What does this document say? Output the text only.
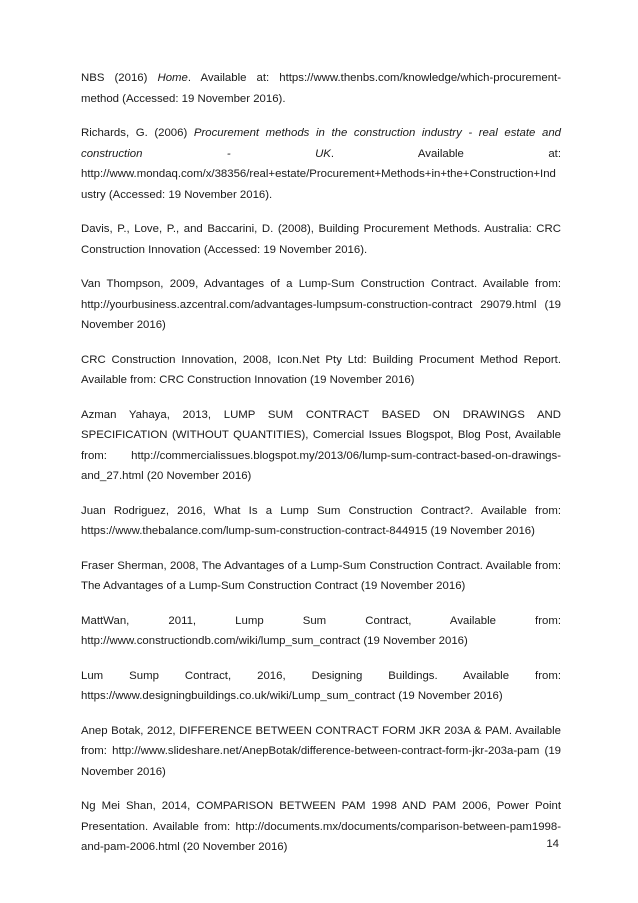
NBS (2016) Home. Available at: https://www.thenbs.com/knowledge/which-procurement-method (Accessed: 19 November 2016).

Richards, G. (2006) Procurement methods in the construction industry - real estate and construction - UK. Available at: http://www.mondaq.com/x/38356/real+estate/Procurement+Methods+in+the+Construction+Industry (Accessed: 19 November 2016).

Davis, P., Love, P., and Baccarini, D. (2008), Building Procurement Methods. Australia: CRC Construction Innovation (Accessed: 19 November 2016).

Van Thompson, 2009, Advantages of a Lump-Sum Construction Contract. Available from: http://yourbusiness.azcentral.com/advantages-lumpsum-construction-contract 29079.html (19 November 2016)

CRC Construction Innovation, 2008, Icon.Net Pty Ltd: Building Procument Method Report. Available from: CRC Construction Innovation (19 November 2016)

Azman Yahaya, 2013, LUMP SUM CONTRACT BASED ON DRAWINGS AND SPECIFICATION (WITHOUT QUANTITIES), Comercial Issues Blogspot, Blog Post, Available from: http://commercialissues.blogspot.my/2013/06/lump-sum-contract-based-on-drawings-and_27.html (20 November 2016)

Juan Rodriguez, 2016, What Is a Lump Sum Construction Contract?. Available from: https://www.thebalance.com/lump-sum-construction-contract-844915 (19 November 2016)

Fraser Sherman, 2008, The Advantages of a Lump-Sum Construction Contract. Available from: The Advantages of a Lump-Sum Construction Contract (19 November 2016)

MattWan, 2011, Lump Sum Contract, Available from: http://www.constructiondb.com/wiki/lump_sum_contract (19 November 2016)

Lum Sump Contract, 2016, Designing Buildings. Available from: https://www.designingbuildings.co.uk/wiki/Lump_sum_contract (19 November 2016)

Anep Botak, 2012, DIFFERENCE BETWEEN CONTRACT FORM JKR 203A & PAM. Available from: http://www.slideshare.net/AnepBotak/difference-between-contract-form-jkr-203a-pam (19 November 2016)

Ng Mei Shan, 2014, COMPARISON BETWEEN PAM 1998 AND PAM 2006, Power Point Presentation. Available from: http://documents.mx/documents/comparison-between-pam1998-and-pam-2006.html (20 November 2016)	14
